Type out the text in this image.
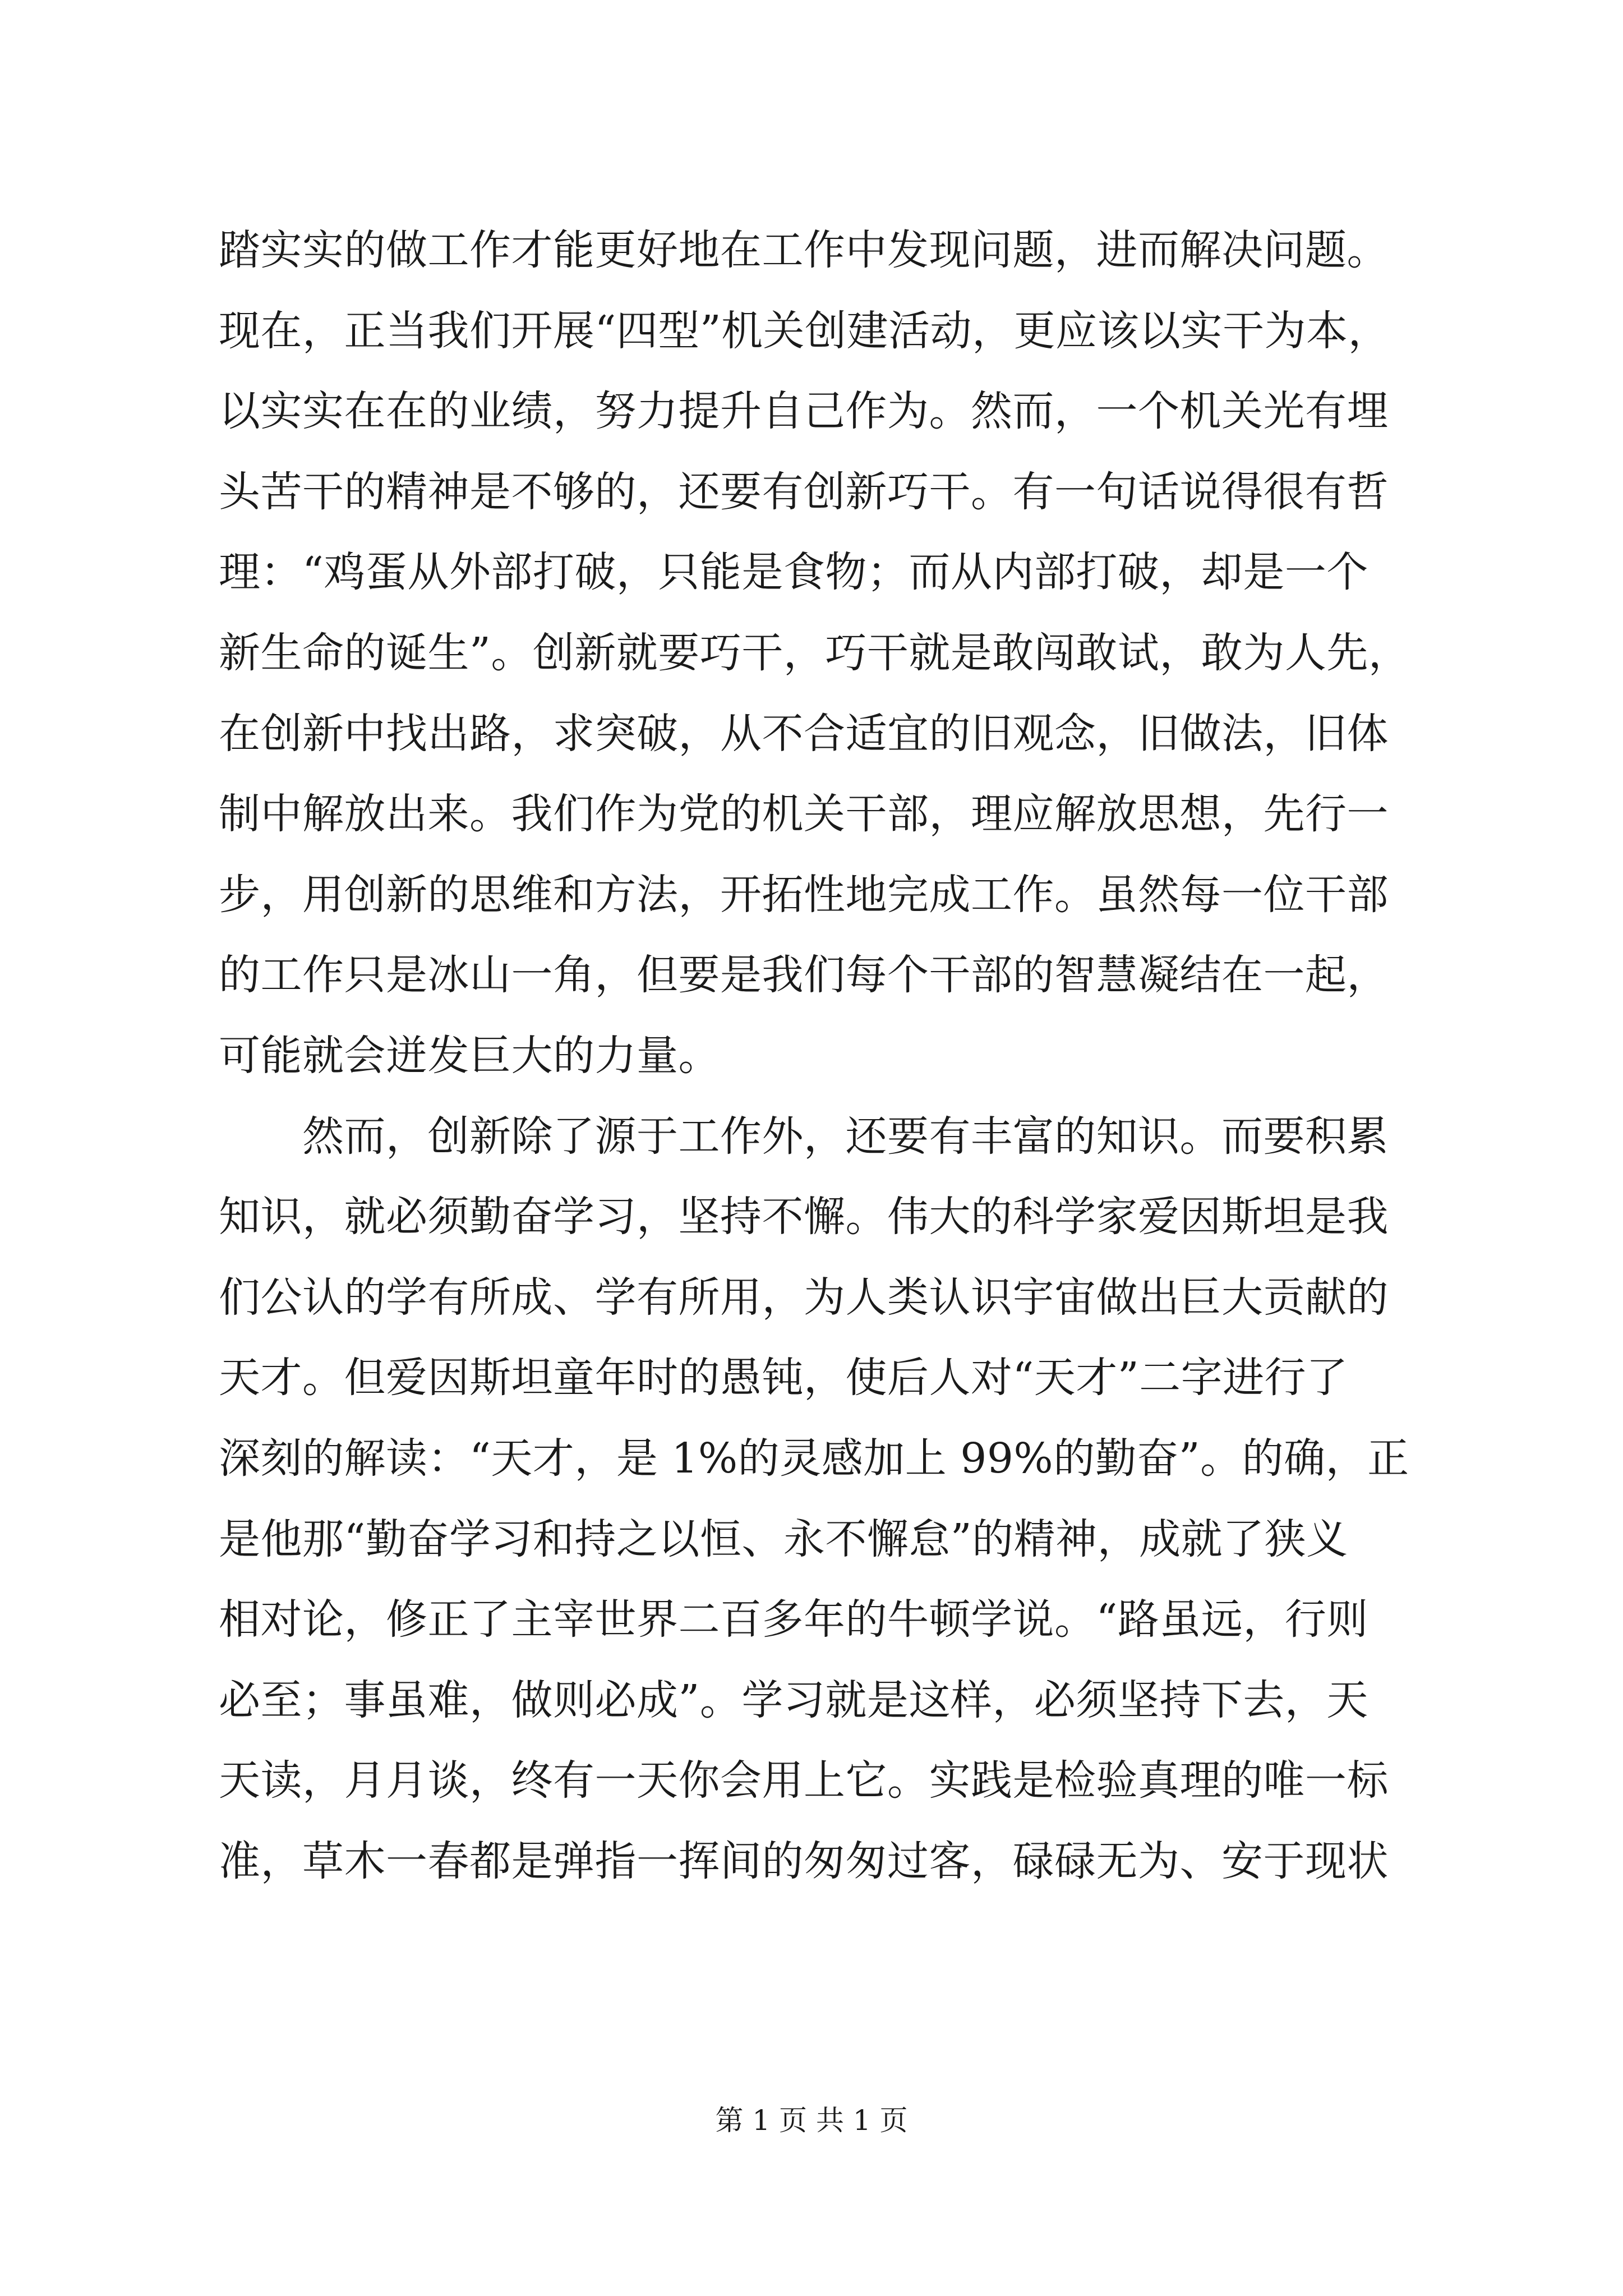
踏实实的做工作才能更好地在工作中发现问题，进而解决问题。
现在，正当我们开展“四型”机关创建活动，更应该以实干为本，
以实实在在的业绩，努力提升自己作为。然而，一个机关光有埋
头苦干的精神是不够的，还要有创新巧干。有一句话说得很有哲
理：“鸡蛋从外部打破，只能是食物；而从内部打破，却是一个
新生命的诞生”。创新就要巧干，巧干就是敢闯敢试，敢为人先，
在创新中找出路，求突破，从不合适宜的旧观念，旧做法，旧体
制中解放出来。我们作为党的机关干部，理应解放思想，先行一
步，用创新的思维和方法，开拓性地完成工作。虽然每一位干部
的工作只是冰山一角，但要是我们每个干部的智慧凝结在一起，
可能就会迸发巨大的力量。
　　然而，创新除了源于工作外，还要有丰富的知识。而要积累
知识，就必须勤奋学习，坚持不懈。伟大的科学家爱因斯坦是我
们公认的学有所成、学有所用，为人类认识宇宙做出巨大贡献的
天才。但爱因斯坦童年时的愚钝，使后人对“天才”二字进行了
深刻的解读：“天才，是 1%的灵感加上 99%的勤奋”。的确，正
是他那“勤奋学习和持之以恒、永不懈怠”的精神，成就了狭义
相对论，修正了主宰世界二百多年的牛顿学说。“路虽远，行则
必至；事虽难，做则必成”。学习就是这样，必须坚持下去，天
天读，月月谈，终有一天你会用上它。实践是检验真理的唯一标
准，草木一春都是弹指一挥间的匆匆过客，碌碌无为、安于现状
第 1 页 共 1 页
